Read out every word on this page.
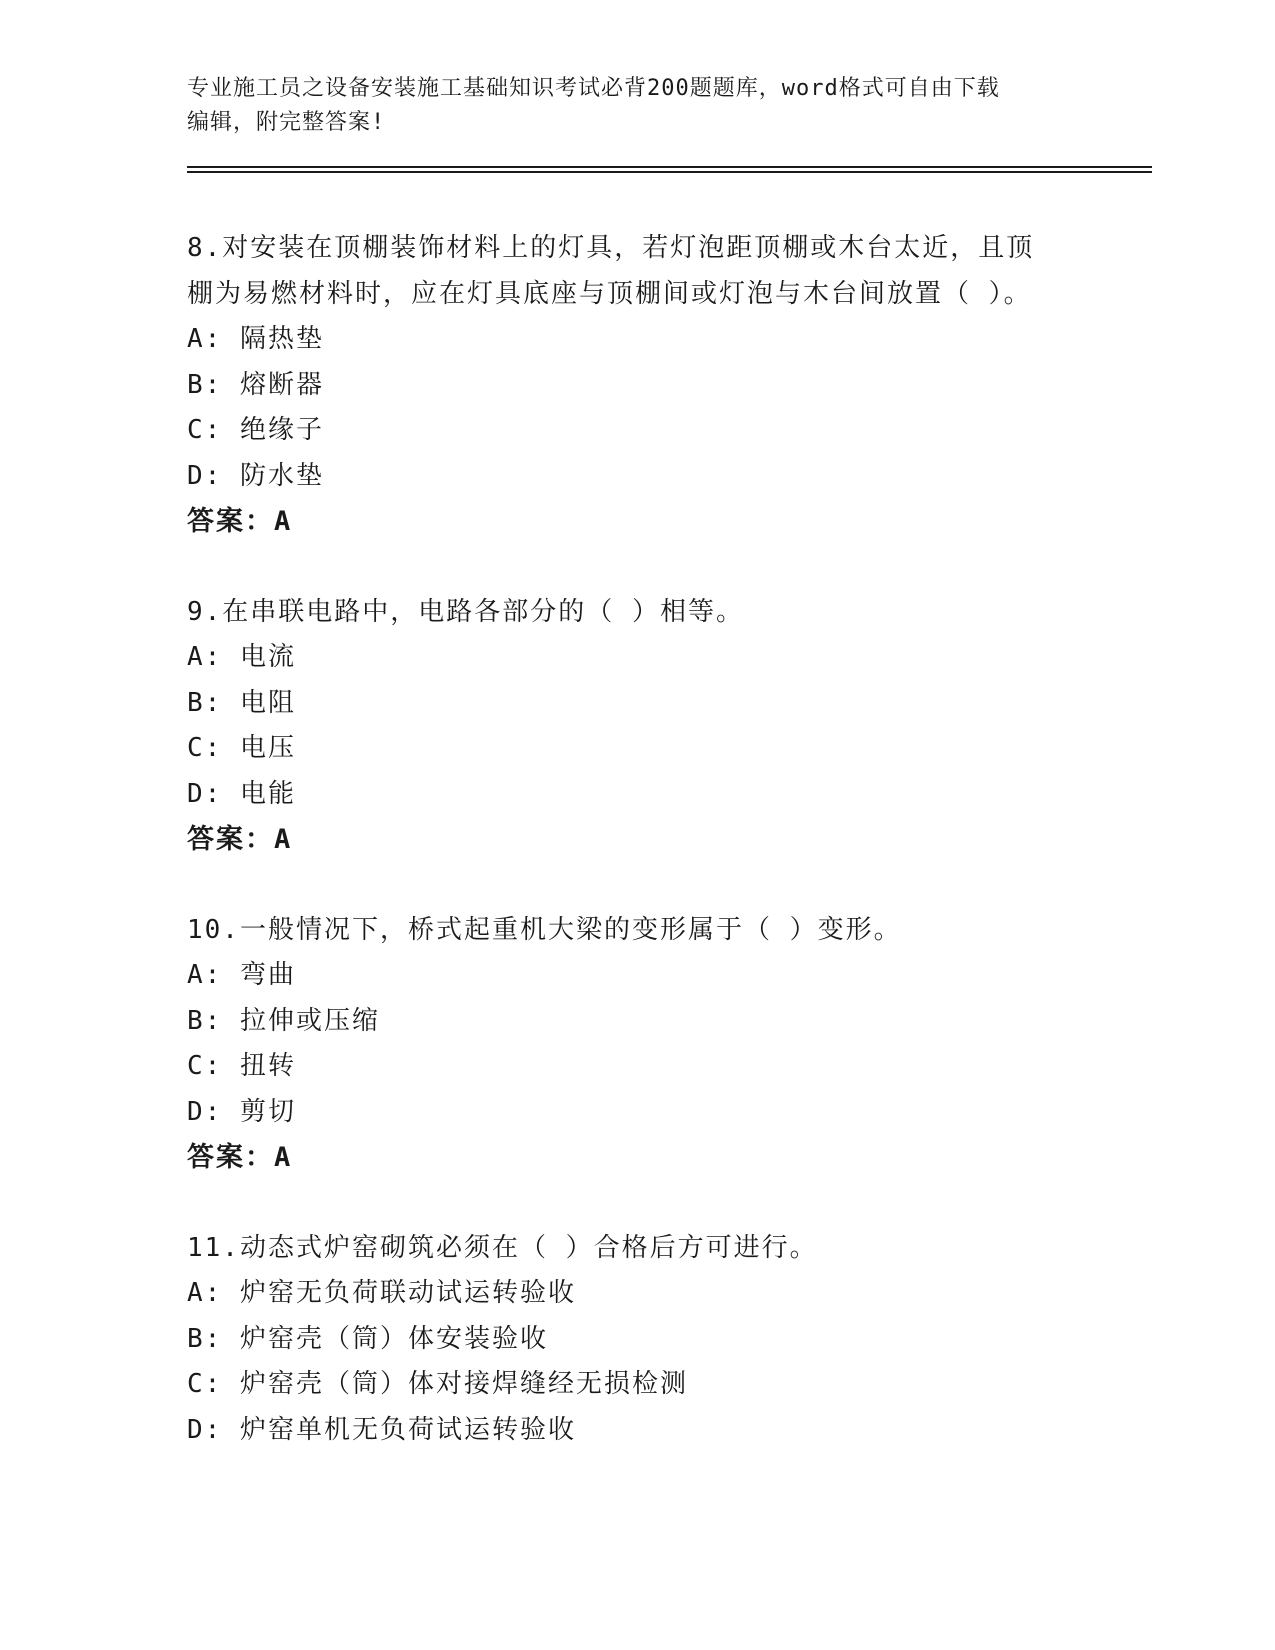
专业施工员之设备安装施工基础知识考试必背200题题库，word格式可自由下载

编辑，附完整答案!

8.对安装在顶棚装饰材料上的灯具，若灯泡距顶棚或木台太近，且顶

棚为易燃材料时，应在灯具底座与顶棚间或灯泡与木台间放置（ ）。

A: 隔热垫

B: 熔断器

C: 绝缘子

D: 防水垫

答案：A

9.在串联电路中，电路各部分的（ ）相等。

A: 电流

B: 电阻

C: 电压

D: 电能

答案：A

10.一般情况下，桥式起重机大梁的变形属于（ ）变形。

A: 弯曲

B: 拉伸或压缩

C: 扭转

D: 剪切

答案：A

11.动态式炉窑砌筑必须在（ ）合格后方可进行。

A: 炉窑无负荷联动试运转验收

B: 炉窑壳（筒）体安装验收

C: 炉窑壳（筒）体对接焊缝经无损检测

D: 炉窑单机无负荷试运转验收
